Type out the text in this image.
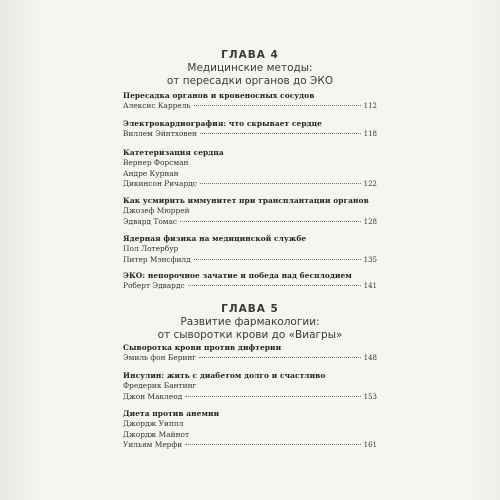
ГЛАВА 4
Медицинские методы:
от пересадки органов до ЭКО
Пересадка органов и кровеносных сосудов
Алексис Каррель	112
Электрокардиография: что скрывает сердце
Виллем Эйнтховен	118
Катетеризация сердца
Вернер Форсман
Андре Курнан
Дикинсон Ричардс	122
Как усмирить иммунитет при трансплантации органов
Джозеф Мюррей
Эдвард Томас	128
Ядерная физика на медицинской службе
Пол Лотербур
Питер Мэнсфилд	135
ЭКО: непорочное зачатие и победа над бесплодием
Роберт Эдвардс	141
ГЛАВА 5
Развитие фармакологии:
от сыворотки крови до «Виагры»
Сыворотка крови против дифтерии
Эмиль фон Беринг	148
Инсулин: жить с диабетом долго и счастливо
Фредерик Бантинг
Джон Маклеод	153
Диета против анемии
Джордж Уиппл
Джордж Майнот
Уильям Мерфи	161
